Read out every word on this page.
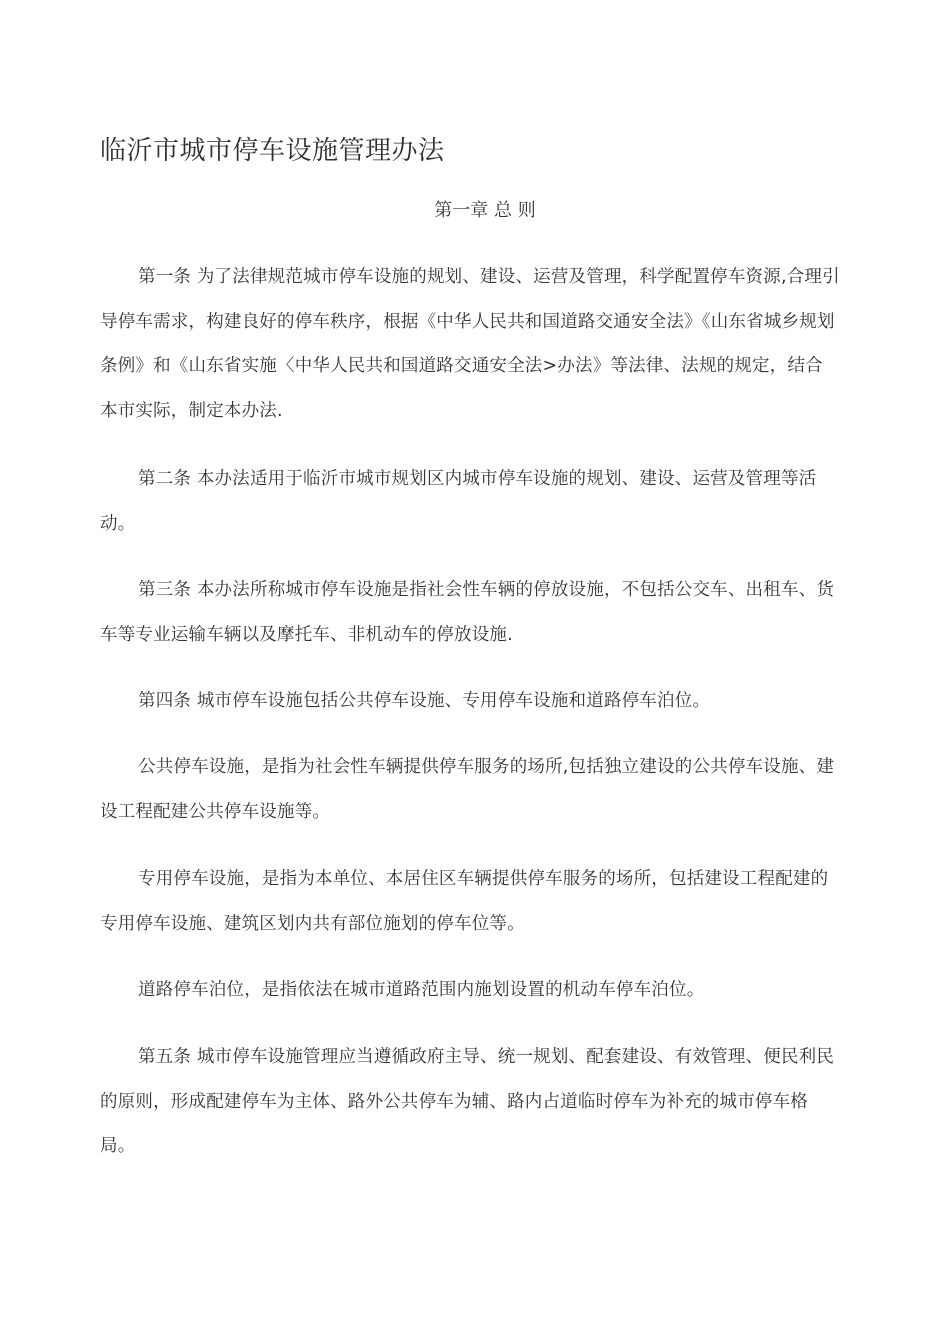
临沂市城市停车设施管理办法
第一章 总 则

第一条 为了法律规范城市停车设施的规划、建设、运营及管理，科学配置停车资源,合理引导停车需求，构建良好的停车秩序，根据《中华人民共和国道路交通安全法》《山东省城乡规划条例》和《山东省实施〈中华人民共和国道路交通安全法>办法》等法律、法规的规定，结合本市实际，制定本办法.

第二条 本办法适用于临沂市城市规划区内城市停车设施的规划、建设、运营及管理等活动。

第三条 本办法所称城市停车设施是指社会性车辆的停放设施，不包括公交车、出租车、货车等专业运输车辆以及摩托车、非机动车的停放设施.

第四条 城市停车设施包括公共停车设施、专用停车设施和道路停车泊位。

公共停车设施，是指为社会性车辆提供停车服务的场所,包括独立建设的公共停车设施、建设工程配建公共停车设施等。

专用停车设施，是指为本单位、本居住区车辆提供停车服务的场所，包括建设工程配建的专用停车设施、建筑区划内共有部位施划的停车位等。

道路停车泊位，是指依法在城市道路范围内施划设置的机动车停车泊位。

第五条 城市停车设施管理应当遵循政府主导、统一规划、配套建设、有效管理、便民利民的原则，形成配建停车为主体、路外公共停车为辅、路内占道临时停车为补充的城市停车格局。
